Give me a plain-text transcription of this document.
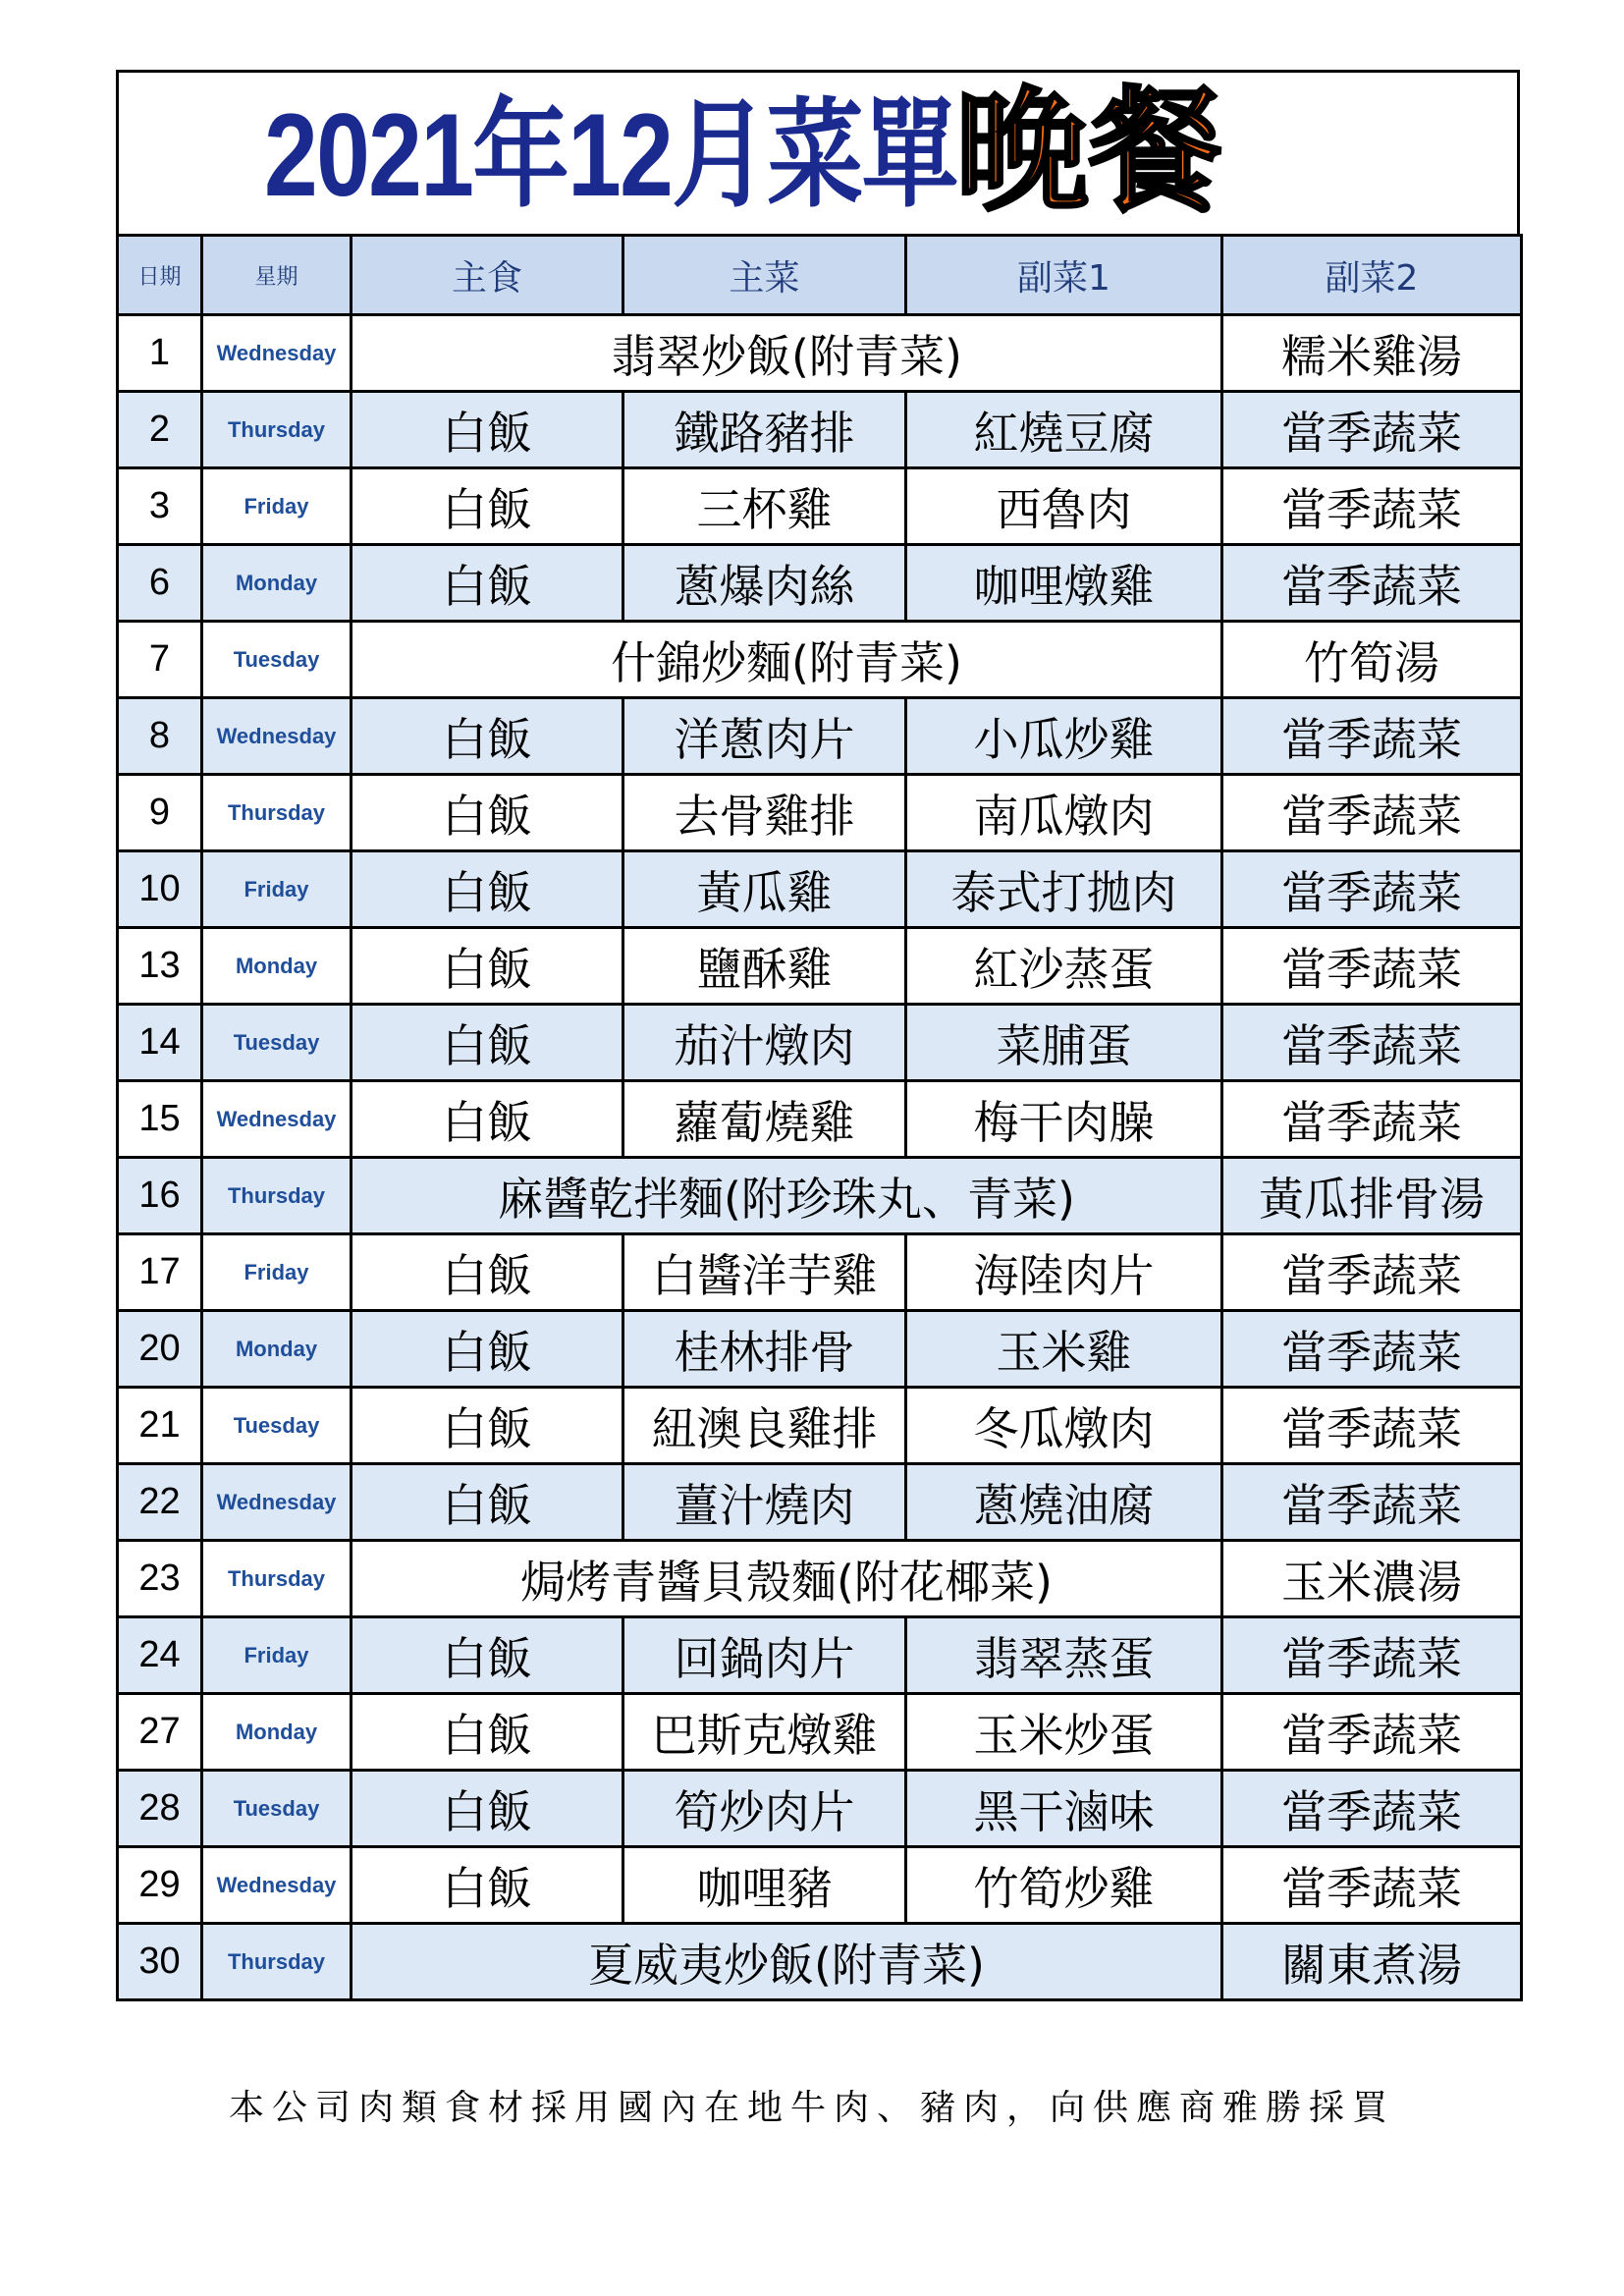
2021年12月菜單
晚餐
日期	星期	主食	主菜	副菜1	副菜2
1	Wednesday	翡翠炒飯(附青菜)			糯米雞湯
2	Thursday	白飯	鐵路豬排	紅燒豆腐	當季蔬菜
3	Friday	白飯	三杯雞	西魯肉	當季蔬菜
6	Monday	白飯	蔥爆肉絲	咖哩燉雞	當季蔬菜
7	Tuesday	什錦炒麵(附青菜)			竹筍湯
8	Wednesday	白飯	洋蔥肉片	小瓜炒雞	當季蔬菜
9	Thursday	白飯	去骨雞排	南瓜燉肉	當季蔬菜
10	Friday	白飯	黃瓜雞	泰式打拋肉	當季蔬菜
13	Monday	白飯	鹽酥雞	紅沙蒸蛋	當季蔬菜
14	Tuesday	白飯	茄汁燉肉	菜脯蛋	當季蔬菜
15	Wednesday	白飯	蘿蔔燒雞	梅干肉臊	當季蔬菜
16	Thursday	麻醬乾拌麵(附珍珠丸、青菜)			黃瓜排骨湯
17	Friday	白飯	白醬洋芋雞	海陸肉片	當季蔬菜
20	Monday	白飯	桂林排骨	玉米雞	當季蔬菜
21	Tuesday	白飯	紐澳良雞排	冬瓜燉肉	當季蔬菜
22	Wednesday	白飯	薑汁燒肉	蔥燒油腐	當季蔬菜
23	Thursday	焗烤青醬貝殼麵(附花椰菜)			玉米濃湯
24	Friday	白飯	回鍋肉片	翡翠蒸蛋	當季蔬菜
27	Monday	白飯	巴斯克燉雞	玉米炒蛋	當季蔬菜
28	Tuesday	白飯	筍炒肉片	黑干滷味	當季蔬菜
29	Wednesday	白飯	咖哩豬	竹筍炒雞	當季蔬菜
30	Thursday	夏威夷炒飯(附青菜)			關東煮湯
本公司肉類食材採用國內在地牛肉、豬肉，向供應商雅勝採買
